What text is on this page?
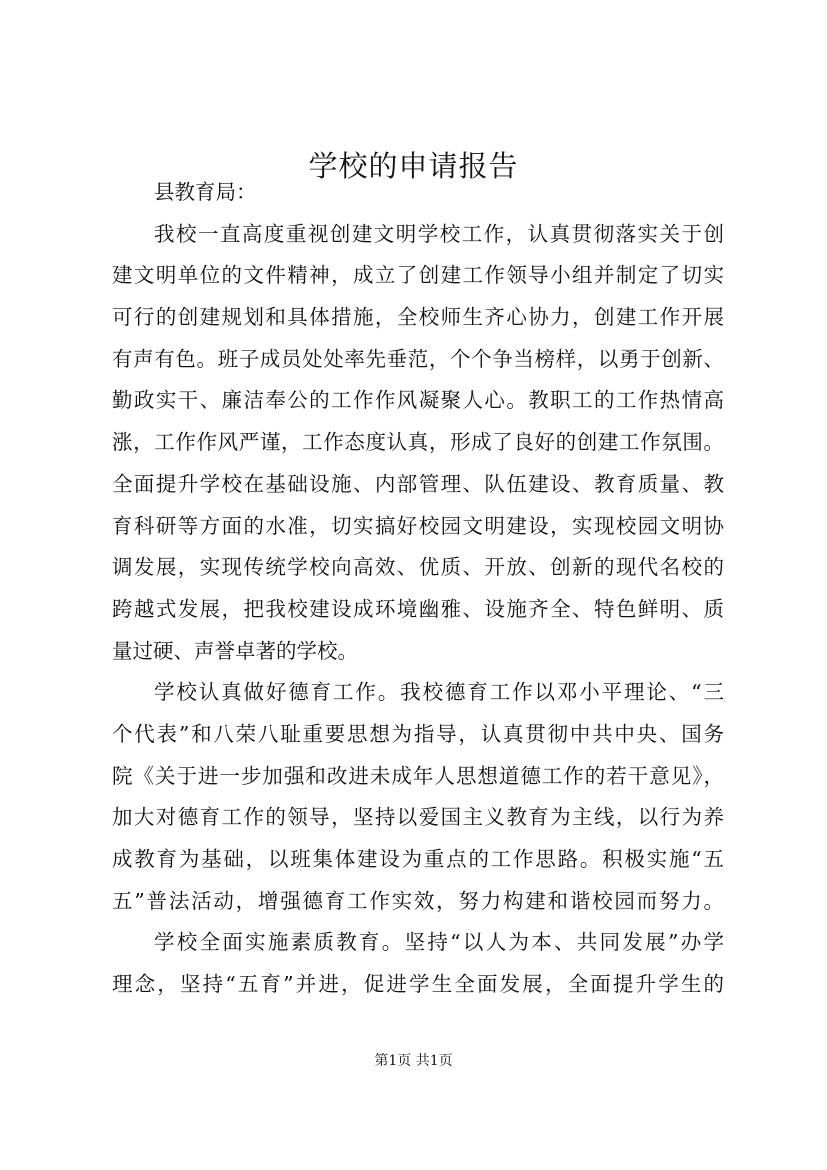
学校的申请报告
县教育局：
我校一直高度重视创建文明学校工作，认真贯彻落实关于创
建文明单位的文件精神，成立了创建工作领导小组并制定了切实
可行的创建规划和具体措施，全校师生齐心协力，创建工作开展
有声有色。班子成员处处率先垂范，个个争当榜样，以勇于创新、
勤政实干、廉洁奉公的工作作风凝聚人心。教职工的工作热情高
涨，工作作风严谨，工作态度认真，形成了良好的创建工作氛围。
全面提升学校在基础设施、内部管理、队伍建设、教育质量、教
育科研等方面的水准，切实搞好校园文明建设，实现校园文明协
调发展，实现传统学校向高效、优质、开放、创新的现代名校的
跨越式发展，把我校建设成环境幽雅、设施齐全、特色鲜明、质
量过硬、声誉卓著的学校。
学校认真做好德育工作。我校德育工作以邓小平理论、“三
个代表”和八荣八耻重要思想为指导，认真贯彻中共中央、国务
院《关于进一步加强和改进未成年人思想道德工作的若干意见》，
加大对德育工作的领导，坚持以爱国主义教育为主线，以行为养
成教育为基础，以班集体建设为重点的工作思路。积极实施“五
五”普法活动，增强德育工作实效，努力构建和谐校园而努力。
学校全面实施素质教育。坚持“以人为本、共同发展”办学
理念，坚持“五育”并进，促进学生全面发展，全面提升学生的
第1页 共1页
